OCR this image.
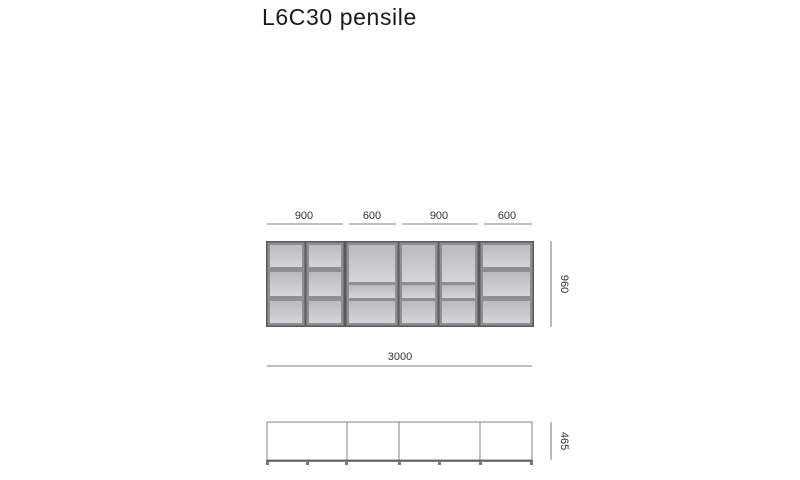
L6C30 pensile
900	600	900	600
960
3000
465
